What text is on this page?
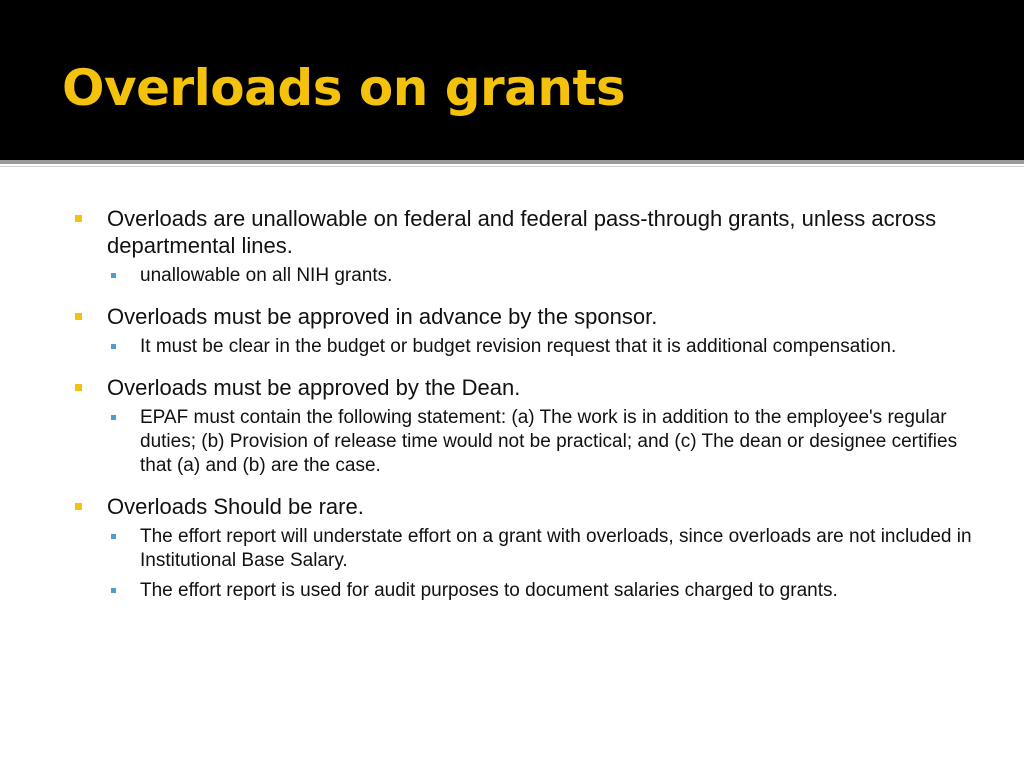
Overloads on grants
Overloads are unallowable on federal and federal pass-through grants, unless across departmental lines.
unallowable on all NIH grants.
Overloads must be approved in advance by the sponsor.
It must be clear in the budget or budget revision request that it is additional compensation.
Overloads must be approved by the Dean.
EPAF must contain the following statement: (a) The work is in addition to the employee's regular duties; (b) Provision of release time would not be practical; and (c) The dean or designee certifies that (a) and (b) are the case.
Overloads Should be rare.
The effort report will understate effort on a grant with overloads, since overloads are not included in Institutional Base Salary.
The effort report is used for audit purposes to document salaries charged to grants.
